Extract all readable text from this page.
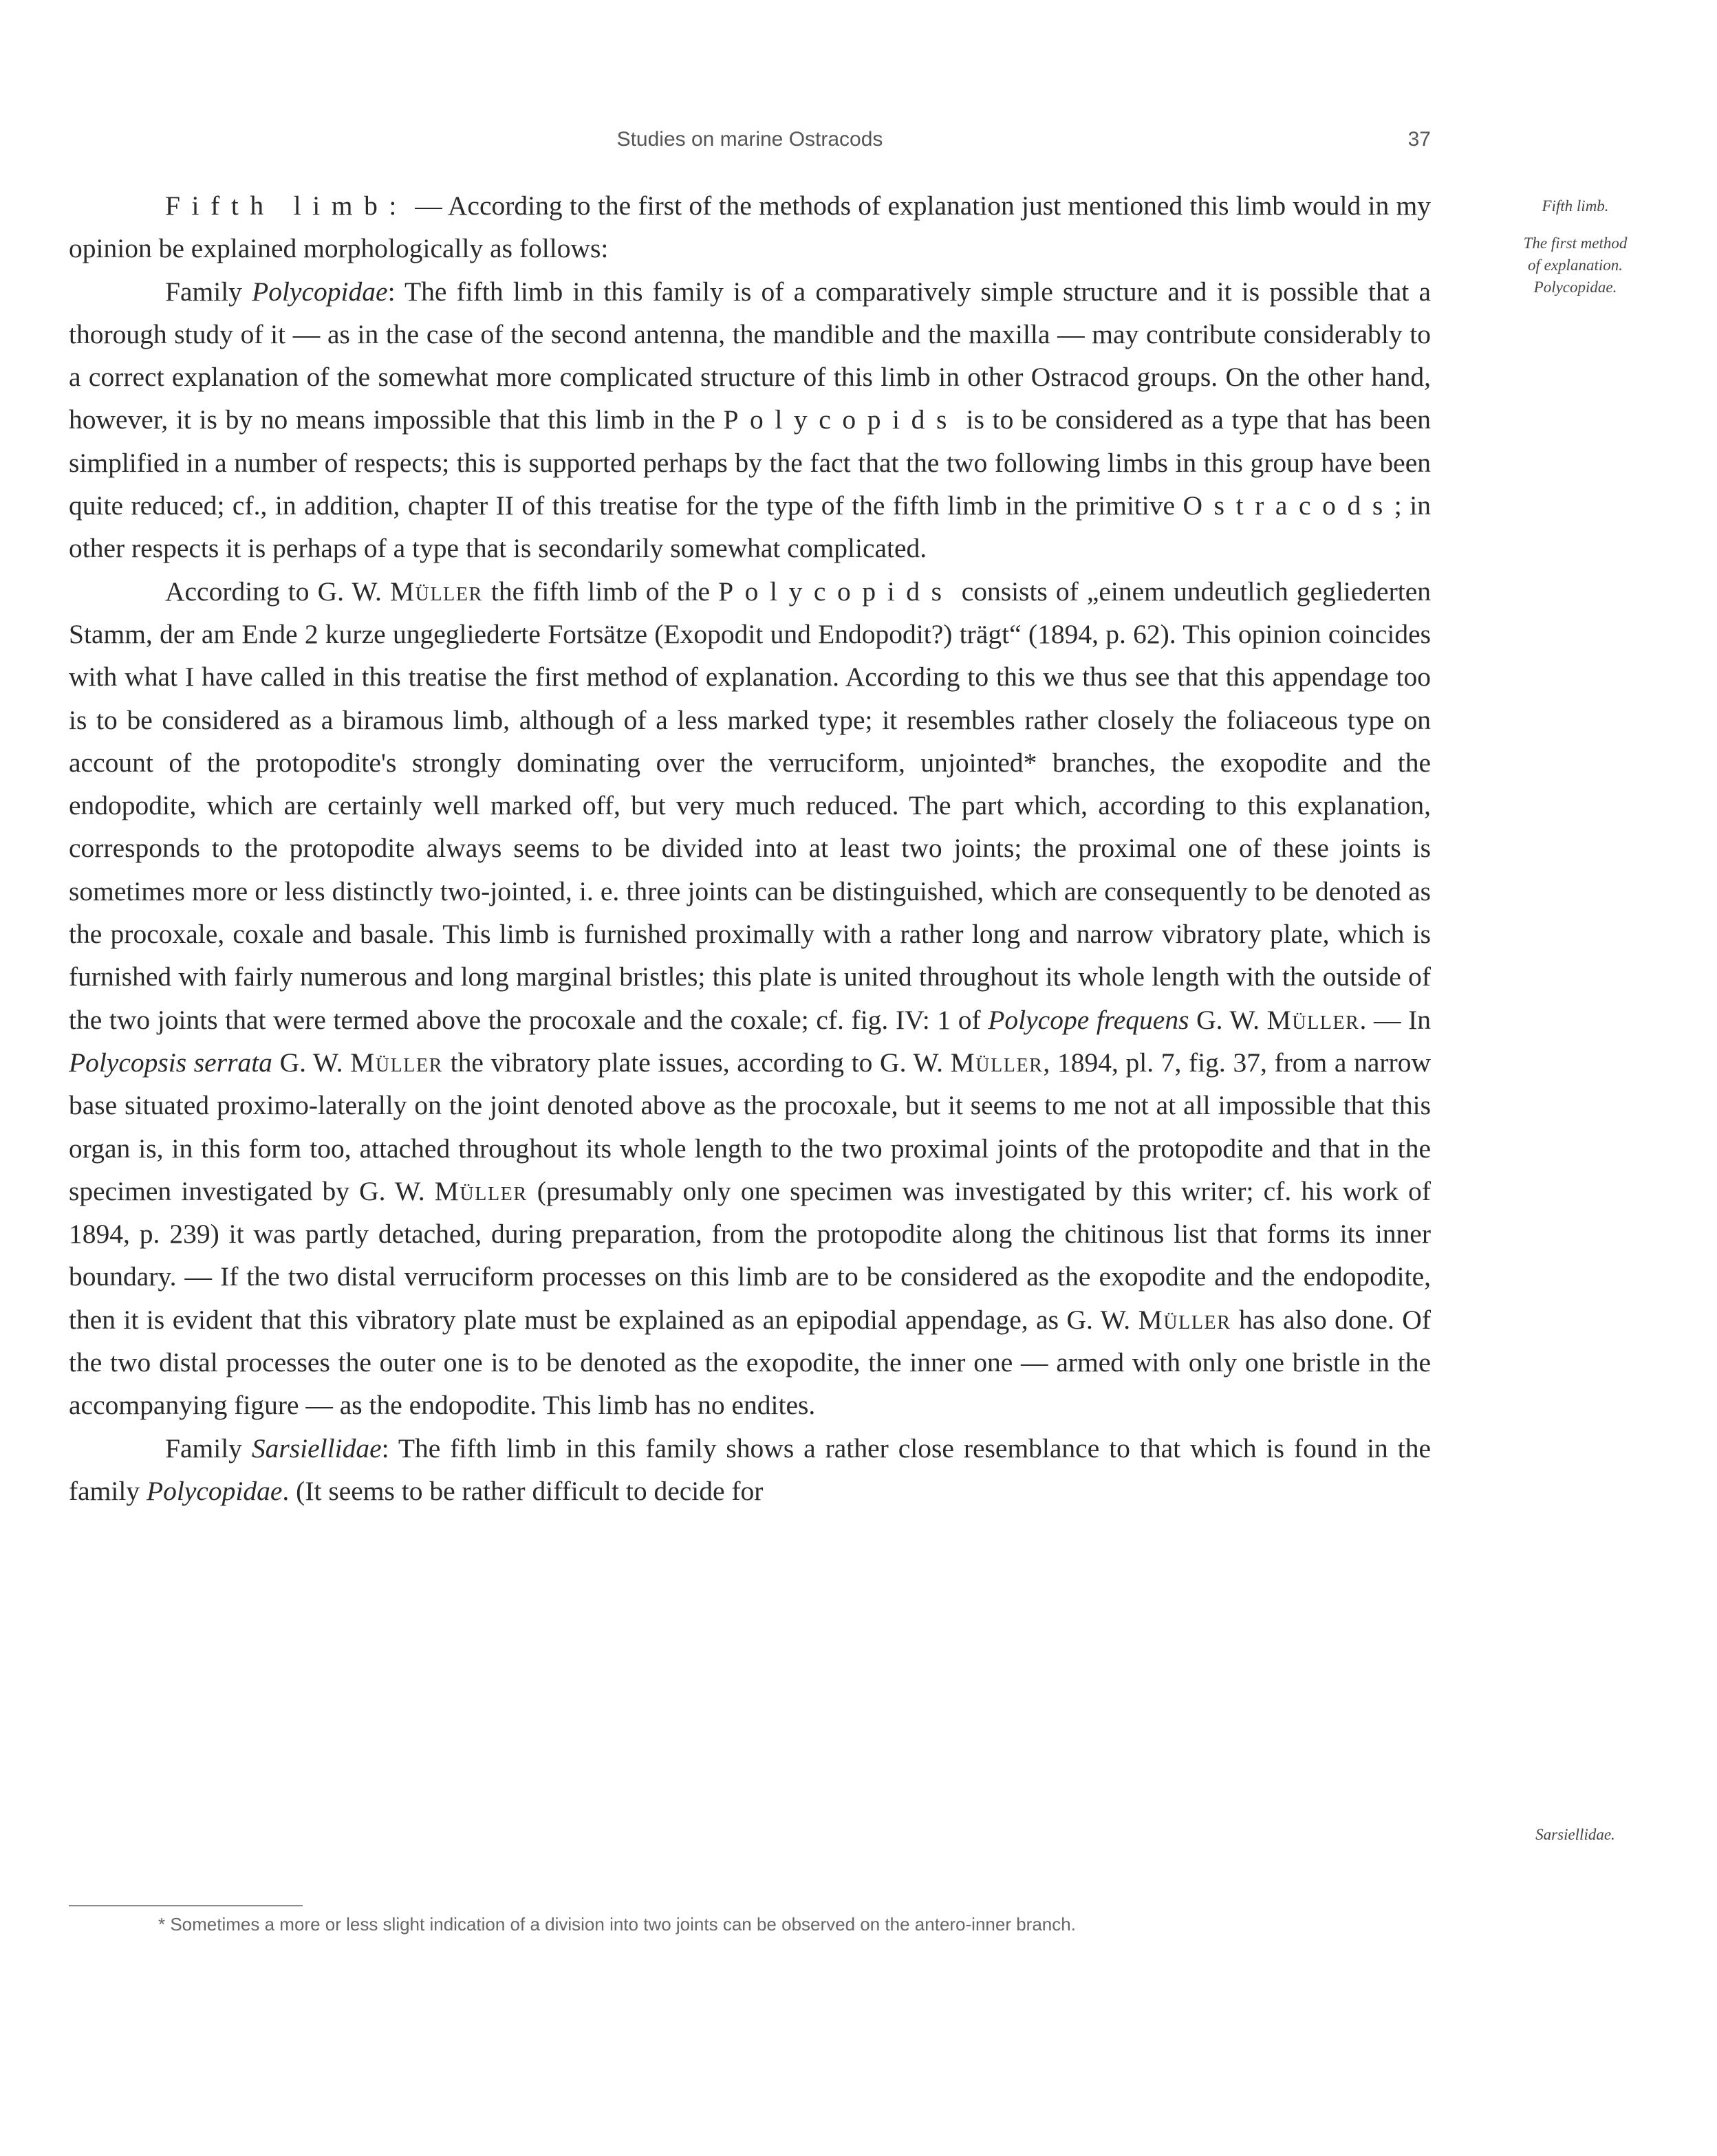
Studies on marine Ostracods	37
Fifth limb.
The first method
of explanation.
Polycopidae.
Sarsiellidae.

Fifth limb: — According to the first of the methods of explanation just mentioned this limb would in my opinion be explained morphologically as follows:

Family Polycopidae: The fifth limb in this family is of a comparatively simple structure and it is possible that a thorough study of it — as in the case of the second antenna, the mandible and the maxilla — may contribute considerably to a correct explanation of the somewhat more complicated structure of this limb in other Ostracod groups. On the other hand, however, it is by no means impossible that this limb in the Polycopids is to be considered as a type that has been simplified in a number of respects; this is supported perhaps by the fact that the two following limbs in this group have been quite reduced; cf., in addition, chapter II of this treatise for the type of the fifth limb in the primitive Ostracods; in other respects it is perhaps of a type that is secondarily somewhat complicated.

According to G. W. Müller the fifth limb of the Polycopids consists of „einem undeutlich gegliederten Stamm, der am Ende 2 kurze ungegliederte Fortsätze (Exopodit und Endopodit?) trägt“ (1894, p. 62). This opinion coincides with what I have called in this treatise the first method of explanation. According to this we thus see that this appendage too is to be considered as a biramous limb, although of a less marked type; it resembles rather closely the foliaceous type on account of the protopodite's strongly dominating over the verruciform, unjointed* branches, the exopodite and the endopodite, which are certainly well marked off, but very much reduced. The part which, according to this explanation, corresponds to the protopodite always seems to be divided into at least two joints; the proximal one of these joints is sometimes more or less distinctly two-jointed, i. e. three joints can be distinguished, which are consequently to be denoted as the procoxale, coxale and basale. This limb is furnished proximally with a rather long and narrow vibratory plate, which is furnished with fairly numerous and long marginal bristles; this plate is united throughout its whole length with the outside of the two joints that were termed above the procoxale and the coxale; cf. fig. IV: 1 of Polycope frequens G. W. Müller. — In Polycopsis serrata G. W. Müller the vibratory plate issues, according to G. W. Müller, 1894, pl. 7, fig. 37, from a narrow base situated proximo-laterally on the joint denoted above as the procoxale, but it seems to me not at all impossible that this organ is, in this form too, attached throughout its whole length to the two proximal joints of the protopodite and that in the specimen investigated by G. W. Müller (presumably only one specimen was investigated by this writer; cf. his work of 1894, p. 239) it was partly detached, during preparation, from the protopodite along the chitinous list that forms its inner boundary. — If the two distal verruciform processes on this limb are to be considered as the exopodite and the endopodite, then it is evident that this vibratory plate must be explained as an epipodial appendage, as G. W. Müller has also done. Of the two distal processes the outer one is to be denoted as the exopodite, the inner one — armed with only one bristle in the accompanying figure — as the endopodite. This limb has no endites.

Family Sarsiellidae: The fifth limb in this family shows a rather close resemblance to that which is found in the family Polycopidae. (It seems to be rather difficult to decide for

* Sometimes a more or less slight indication of a division into two joints can be observed on the antero-inner branch.
